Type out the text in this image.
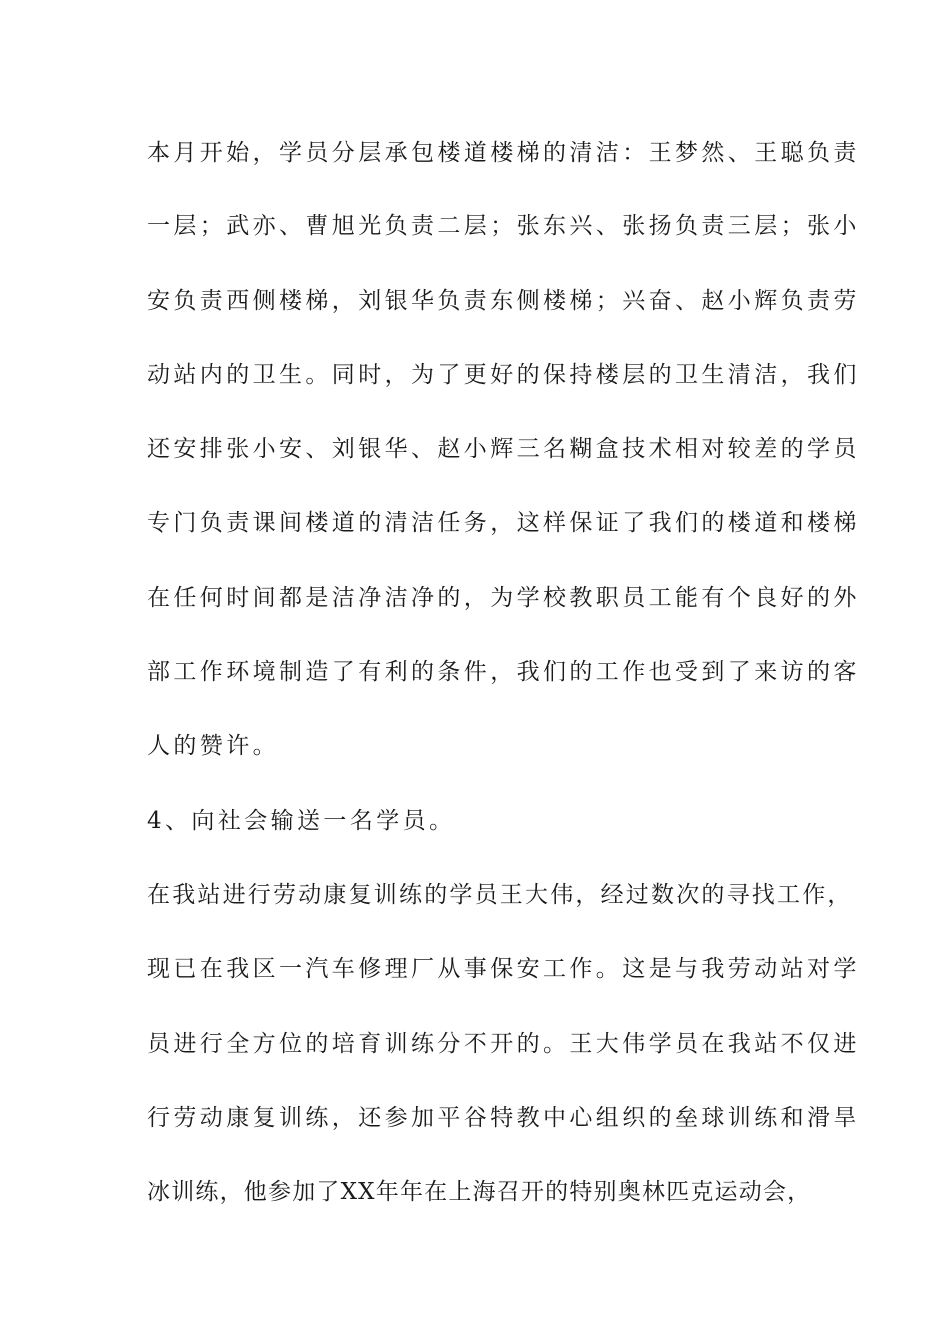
本月开始，学员分层承包楼道楼梯的清洁：王梦然、王聪负责
一层；武亦、曹旭光负责二层；张东兴、张扬负责三层；张小
安负责西侧楼梯，刘银华负责东侧楼梯；兴奋、赵小辉负责劳
动站内的卫生。同时，为了更好的保持楼层的卫生清洁，我们
还安排张小安、刘银华、赵小辉三名糊盒技术相对较差的学员
专门负责课间楼道的清洁任务，这样保证了我们的楼道和楼梯
在任何时间都是洁净洁净的，为学校教职员工能有个良好的外
部工作环境制造了有利的条件，我们的工作也受到了来访的客
人的赞许。
4、向社会输送一名学员。
在我站进行劳动康复训练的学员王大伟，经过数次的寻找工作，
现已在我区一汽车修理厂从事保安工作。这是与我劳动站对学
员进行全方位的培育训练分不开的。王大伟学员在我站不仅进
行劳动康复训练，还参加平谷特教中心组织的垒球训练和滑旱
冰训练，他参加了XX年年在上海召开的特别奥林匹克运动会，
